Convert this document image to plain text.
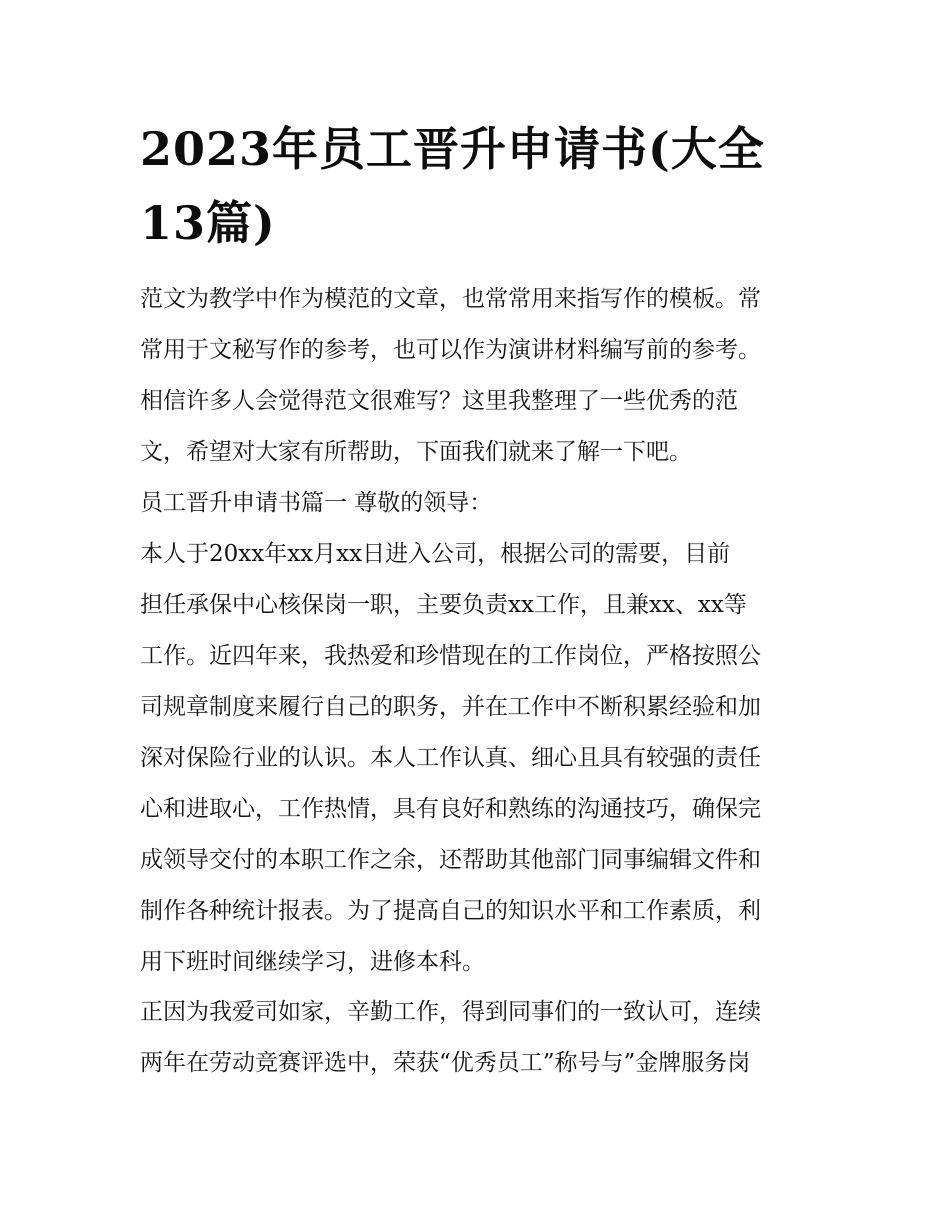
2023年员工晋升申请书(大全
13篇)

范文为教学中作为模范的文章，也常常用来指写作的模板。常
常用于文秘写作的参考，也可以作为演讲材料编写前的参考。
相信许多人会觉得范文很难写？这里我整理了一些优秀的范
文，希望对大家有所帮助，下面我们就来了解一下吧。

员工晋升申请书篇一 尊敬的领导：

本人于20xx年xx月xx日进入公司，根据公司的需要，目前
担任承保中心核保岗一职，主要负责xx工作，且兼xx、xx等
工作。近四年来，我热爱和珍惜现在的工作岗位，严格按照公
司规章制度来履行自己的职务，并在工作中不断积累经验和加
深对保险行业的认识。本人工作认真、细心且具有较强的责任
心和进取心，工作热情，具有良好和熟练的沟通技巧，确保完
成领导交付的本职工作之余，还帮助其他部门同事编辑文件和
制作各种统计报表。为了提高自己的知识水平和工作素质，利
用下班时间继续学习，进修本科。

正因为我爱司如家，辛勤工作，得到同事们的一致认可，连续
两年在劳动竞赛评选中，荣获“优秀员工”称号与”金牌服务岗
